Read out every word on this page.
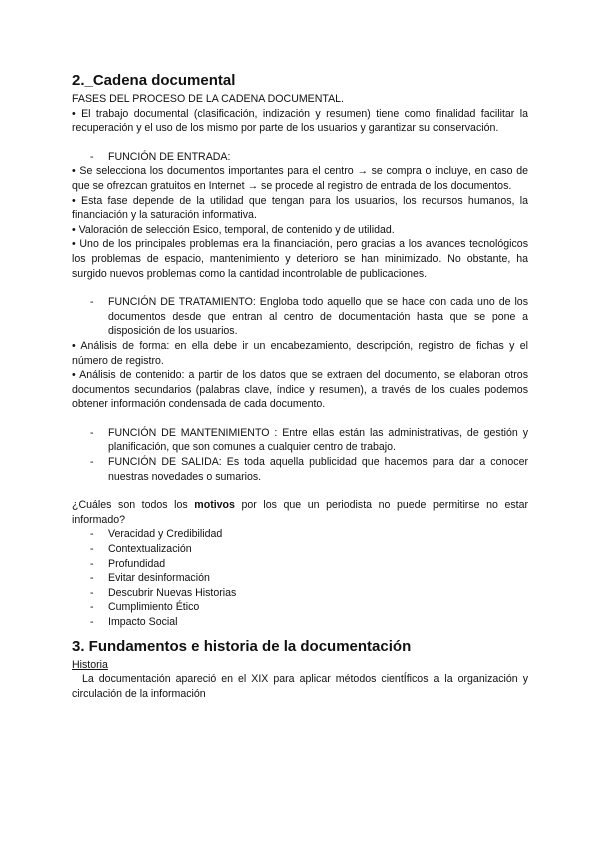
2._Cadena documental

FASES DEL PROCESO DE LA CADENA DOCUMENTAL.

• El trabajo documental (clasificación, indización y resumen) tiene como finalidad facilitar la recuperación y el uso de los mismo por parte de los usuarios y garantizar su conservación.

- FUNCIÓN DE ENTRADA:

• Se selecciona los documentos importantes para el centro → se compra o incluye, en caso de que se ofrezcan gratuitos en Internet → se procede al registro de entrada de los documentos.

• Esta fase depende de la utilidad que tengan para los usuarios, los recursos humanos, la financiación y la saturación informativa.

• Valoración de selección Esico, temporal, de contenido y de utilidad.

• Uno de los principales problemas era la financiación, pero gracias a los avances tecnológicos los problemas de espacio, mantenimiento y deterioro se han minimizado. No obstante, ha surgido nuevos problemas como la cantidad incontrolable de publicaciones.

- FUNCIÓN DE TRATAMIENTO: Engloba todo aquello que se hace con cada uno de los documentos desde que entran al centro de documentación hasta que se pone a disposición de los usuarios.

• Análisis de forma: en ella debe ir un encabezamiento, descripción, registro de fichas y el número de registro.

• Análisis de contenido: a partir de los datos que se extraen del documento, se elaboran otros documentos secundarios (palabras clave, índice y resumen), a través de los cuales podemos obtener información condensada de cada documento.

- FUNCIÓN DE MANTENIMIENTO : Entre ellas están las administrativas, de gestión y planificación, que son comunes a cualquier centro de trabajo.

- FUNCIÓN DE SALIDA: Es toda aquella publicidad que hacemos para dar a conocer nuestras novedades o sumarios.

¿Cuáles son todos los motivos por los que un periodista no puede permitirse no estar informado?

- Veracidad y Credibilidad
- Contextualización
- Profundidad
- Evitar desinformación
- Descubrir Nuevas Historias
- Cumplimiento Ético
- Impacto Social
3. Fundamentos e historia de la documentación

Historia

La documentación apareció en el XIX para aplicar métodos cientÍficos a la organización y circulación de la información
